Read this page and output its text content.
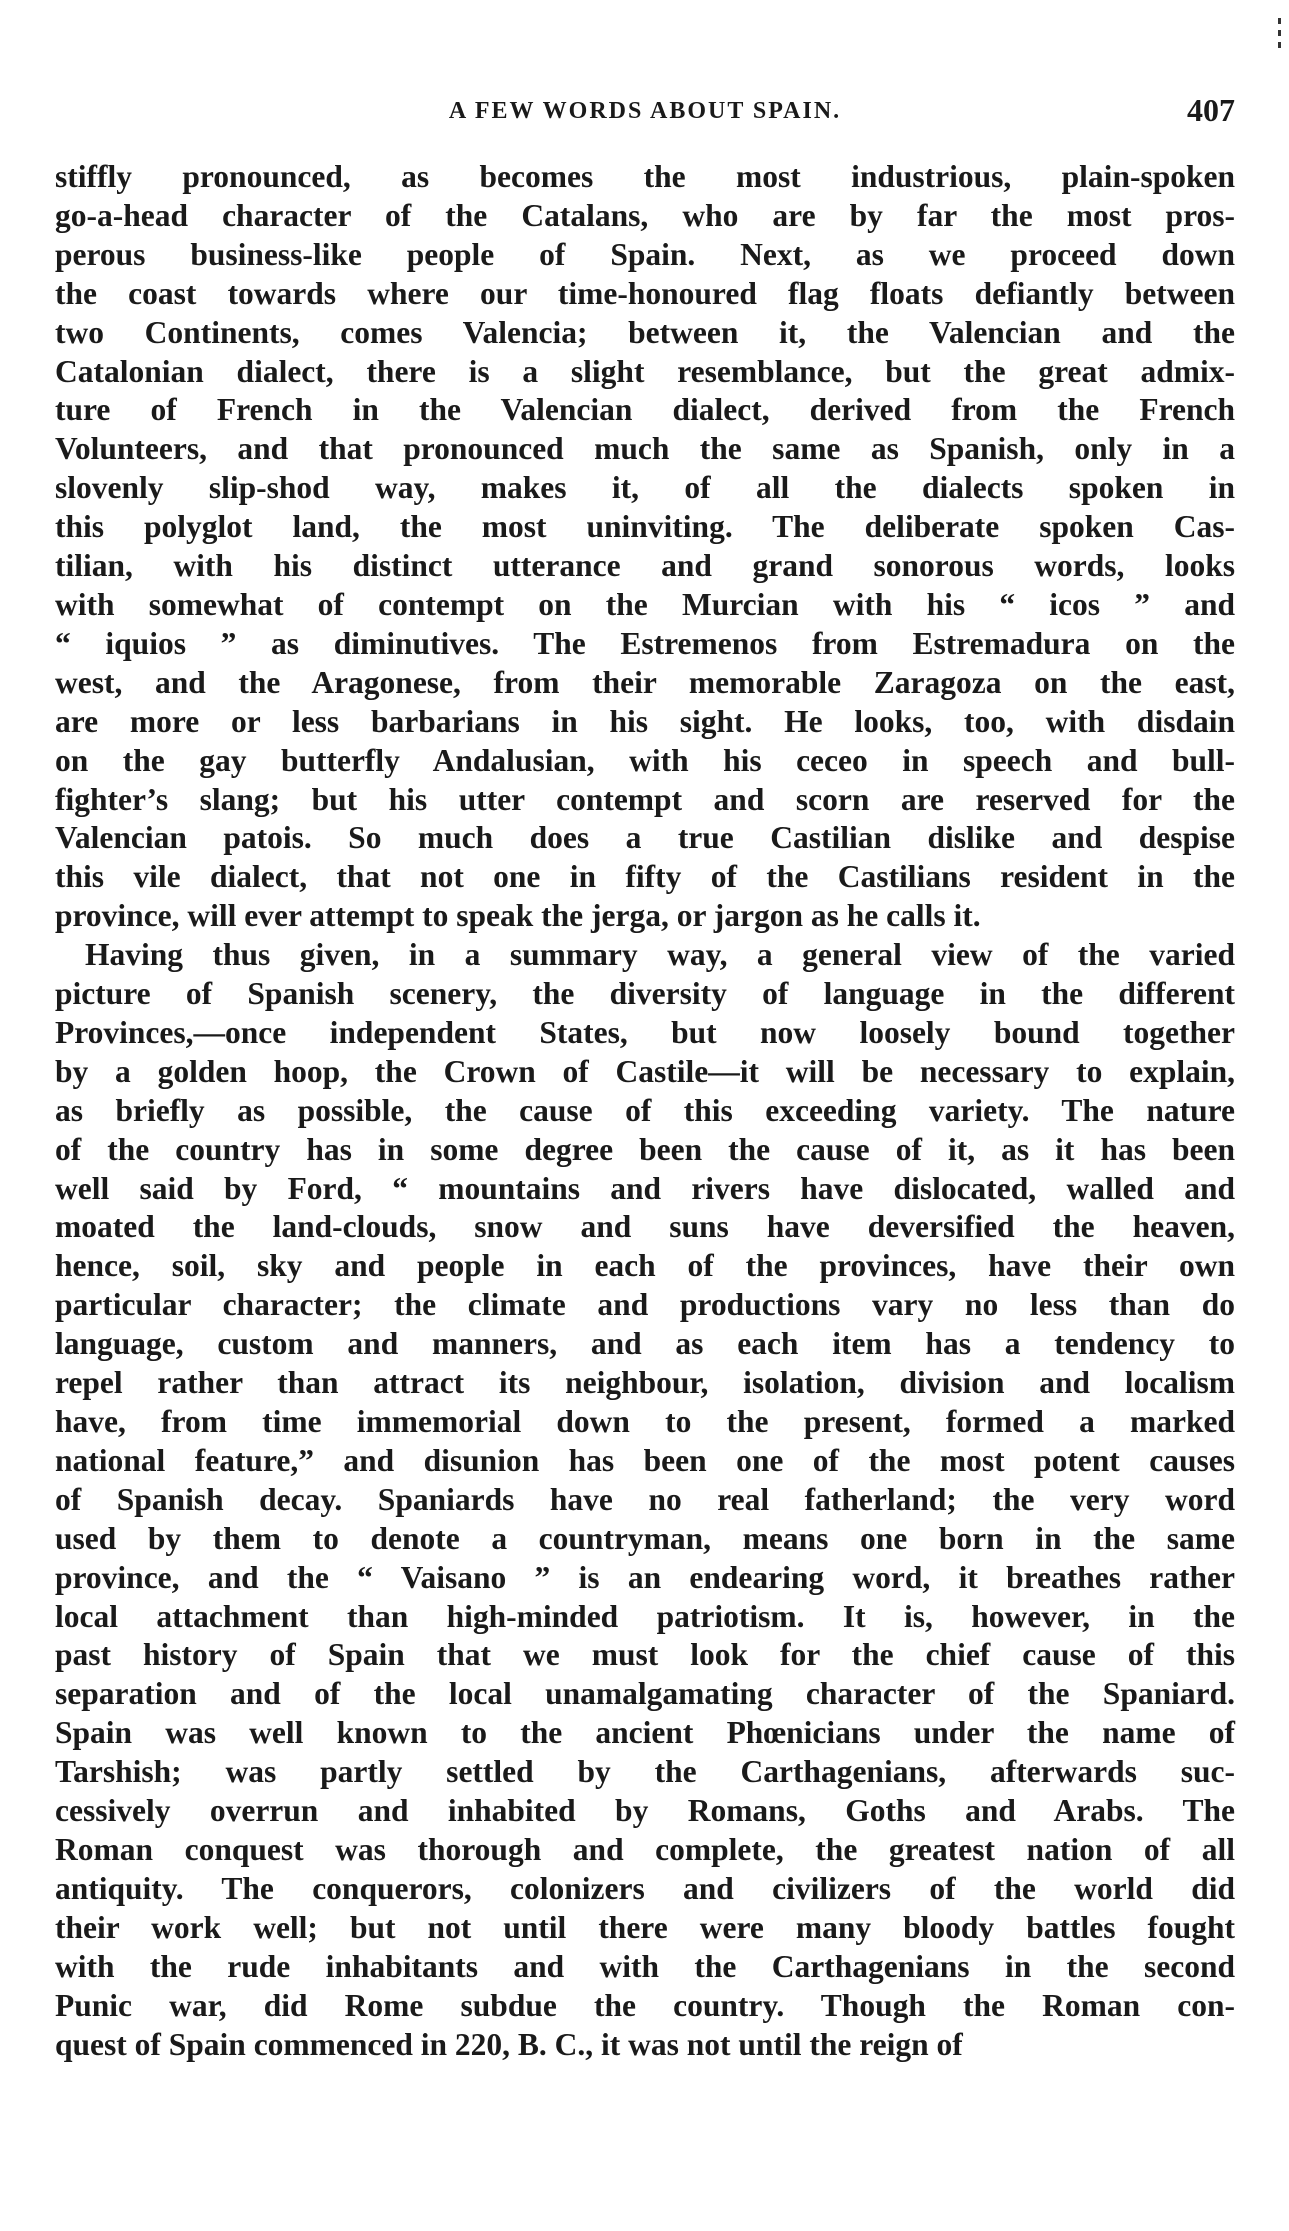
A FEW WORDS ABOUT SPAIN.	407

stiffly pronounced, as becomes the most industrious, plain-spoken
go-a-head character of the Catalans, who are by far the most pros-
perous business-like people of Spain. Next, as we proceed down
the coast towards where our time-honoured flag floats defiantly between
two Continents, comes Valencia; between it, the Valencian and the
Catalonian dialect, there is a slight resemblance, but the great admix-
ture of French in the Valencian dialect, derived from the French
Volunteers, and that pronounced much the same as Spanish, only in a
slovenly slip-shod way, makes it, of all the dialects spoken in
this polyglot land, the most uninviting. The deliberate spoken Cas-
tilian, with his distinct utterance and grand sonorous words, looks
with somewhat of contempt on the Murcian with his “ icos ” and
“ iquios ” as diminutives. The Estremenos from Estremadura on the
west, and the Aragonese, from their memorable Zaragoza on the east,
are more or less barbarians in his sight. He looks, too, with disdain
on the gay butterfly Andalusian, with his ceceo in speech and bull-
fighter’s slang; but his utter contempt and scorn are reserved for the
Valencian patois. So much does a true Castilian dislike and despise
this vile dialect, that not one in fifty of the Castilians resident in the
province, will ever attempt to speak the jerga, or jargon as he calls it.

Having thus given, in a summary way, a general view of the varied
picture of Spanish scenery, the diversity of language in the different
Provinces,—once independent States, but now loosely bound together
by a golden hoop, the Crown of Castile—it will be necessary to explain,
as briefly as possible, the cause of this exceeding variety. The nature
of the country has in some degree been the cause of it, as it has been
well said by Ford, “ mountains and rivers have dislocated, walled and
moated the land-clouds, snow and suns have deversified the heaven,
hence, soil, sky and people in each of the provinces, have their own
particular character; the climate and productions vary no less than do
language, custom and manners, and as each item has a tendency to
repel rather than attract its neighbour, isolation, division and localism
have, from time immemorial down to the present, formed a marked
national feature,” and disunion has been one of the most potent causes
of Spanish decay. Spaniards have no real fatherland; the very word
used by them to denote a countryman, means one born in the same
province, and the “ Vaisano ” is an endearing word, it breathes rather
local attachment than high-minded patriotism. It is, however, in the
past history of Spain that we must look for the chief cause of this
separation and of the local unamalgamating character of the Spaniard.
Spain was well known to the ancient Phœnicians under the name of
Tarshish; was partly settled by the Carthagenians, afterwards suc-
cessively overrun and inhabited by Romans, Goths and Arabs. The
Roman conquest was thorough and complete, the greatest nation of all
antiquity. The conquerors, colonizers and civilizers of the world did
their work well; but not until there were many bloody battles fought
with the rude inhabitants and with the Carthagenians in the second
Punic war, did Rome subdue the country. Though the Roman con-
quest of Spain commenced in 220, B. C., it was not until the reign of
